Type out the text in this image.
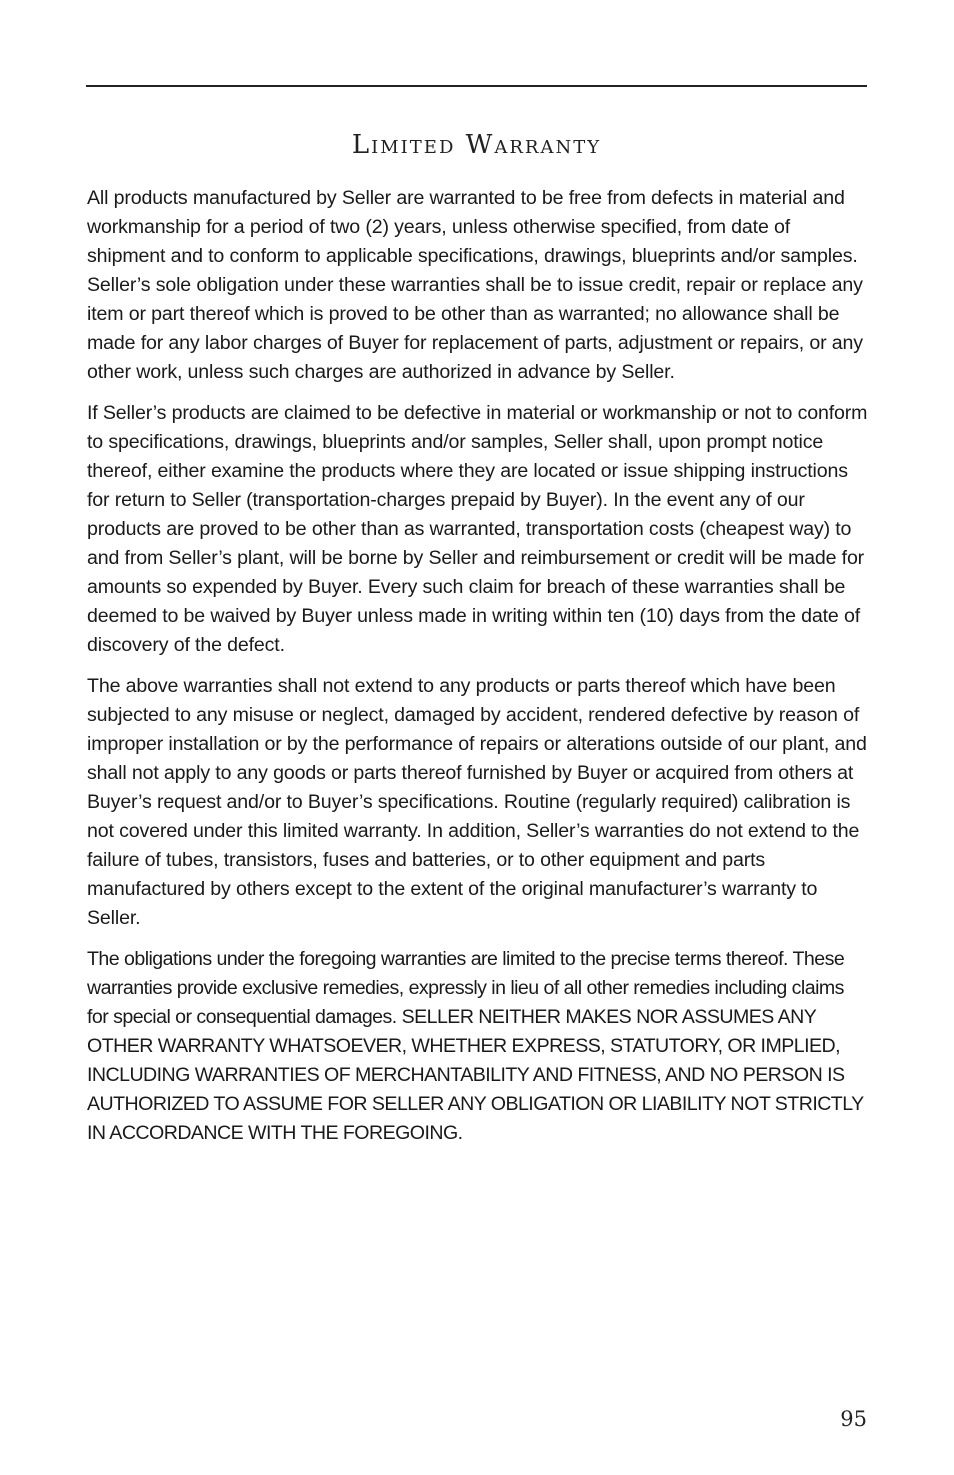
Limited Warranty

All products manufactured by Seller are warranted to be free from defects in material and workmanship for a period of two (2) years, unless otherwise specified, from date of shipment and to conform to applicable specifications, drawings, blueprints and/or samples. Seller’s sole obligation under these warranties shall be to issue credit, repair or replace any item or part thereof which is proved to be other than as warranted; no allowance shall be made for any labor charges of Buyer for replacement of parts, adjustment or repairs, or any other work, unless such charges are authorized in advance by Seller.

If Seller’s products are claimed to be defective in material or workmanship or not to conform to specifications, drawings, blueprints and/or samples, Seller shall, upon prompt notice thereof, either examine the products where they are located or issue shipping instructions for return to Seller (transportation-charges prepaid by Buyer). In the event any of our products are proved to be other than as warranted, transportation costs (cheapest way) to and from Seller’s plant, will be borne by Seller and reimbursement or credit will be made for amounts so expended by Buyer. Every such claim for breach of these warranties shall be deemed to be waived by Buyer unless made in writing within ten (10) days from the date of discovery of the defect.

The above warranties shall not extend to any products or parts thereof which have been subjected to any misuse or neglect, damaged by accident, rendered defective by reason of improper installation or by the performance of repairs or alterations outside of our plant, and shall not apply to any goods or parts thereof furnished by Buyer or acquired from others at Buyer’s request and/or to Buyer’s specifications. Routine (regularly required) calibration is not covered under this limited warranty. In addition, Seller’s warranties do not extend to the failure of tubes, transistors, fuses and batteries, or to other equipment and parts manufactured by others except to the extent of the original manufacturer’s warranty to Seller.

The obligations under the foregoing warranties are limited to the precise terms thereof. These warranties provide exclusive remedies, expressly in lieu of all other remedies including claims for special or consequential damages. SELLER NEITHER MAKES NOR ASSUMES ANY OTHER WARRANTY WHATSOEVER, WHETHER EXPRESS, STATUTORY, OR IMPLIED, INCLUDING WARRANTIES OF MERCHANTABILITY AND FITNESS, AND NO PERSON IS AUTHORIZED TO ASSUME FOR SELLER ANY OBLIGATION OR LIABILITY NOT STRICTLY IN ACCORDANCE WITH THE FOREGOING.

95
